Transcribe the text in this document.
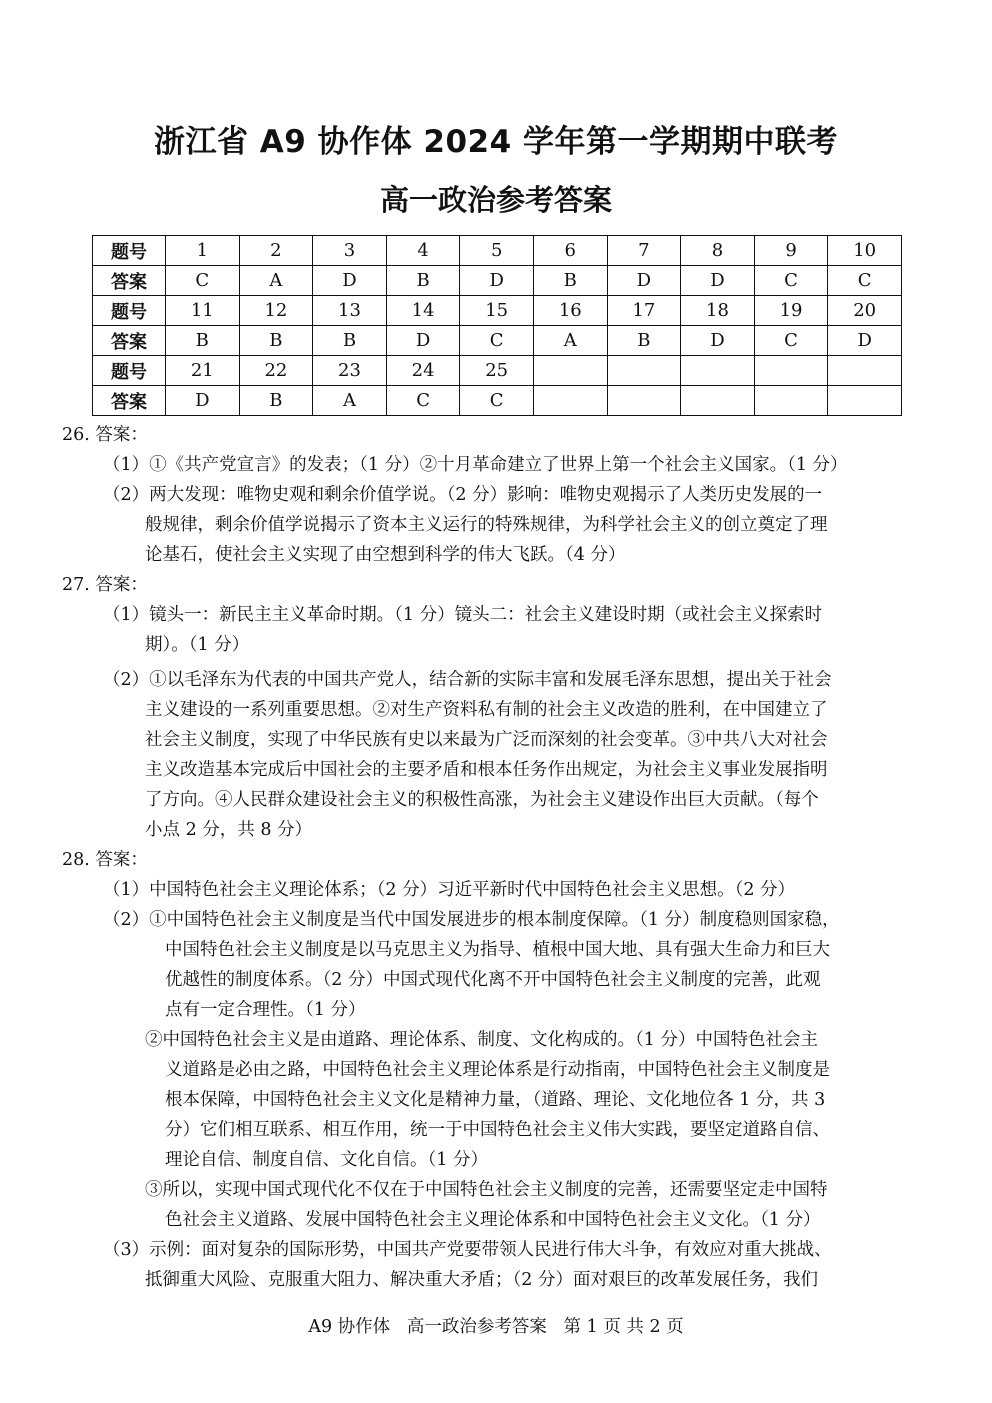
浙江省 A9 协作体 2024 学年第一学期期中联考
高一政治参考答案
题号	1	2	3	4	5	6	7	8	9	10
答案	C	A	D	B	D	B	D	D	C	C
题号	11	12	13	14	15	16	17	18	19	20
答案	B	B	B	D	C	A	B	D	C	D
题号	21	22	23	24	25					
答案	D	B	A	C	C					
26. 答案：
（1）①《共产党宣言》的发表；（1 分）②十月革命建立了世界上第一个社会主义国家。（1 分）
（2）两大发现：唯物史观和剩余价值学说。（2 分）影响：唯物史观揭示了人类历史发展的一
般规律，剩余价值学说揭示了资本主义运行的特殊规律，为科学社会主义的创立奠定了理
论基石，使社会主义实现了由空想到科学的伟大飞跃。（4 分）
27. 答案：
（1）镜头一：新民主主义革命时期。（1 分）镜头二：社会主义建设时期（或社会主义探索时
期）。（1 分）
（2）①以毛泽东为代表的中国共产党人，结合新的实际丰富和发展毛泽东思想，提出关于社会
主义建设的一系列重要思想。②对生产资料私有制的社会主义改造的胜利，在中国建立了
社会主义制度，实现了中华民族有史以来最为广泛而深刻的社会变革。③中共八大对社会
主义改造基本完成后中国社会的主要矛盾和根本任务作出规定，为社会主义事业发展指明
了方向。④人民群众建设社会主义的积极性高涨，为社会主义建设作出巨大贡献。（每个
小点 2 分，共 8 分）
28. 答案：
（1）中国特色社会主义理论体系；（2 分）习近平新时代中国特色社会主义思想。（2 分）
（2）①中国特色社会主义制度是当代中国发展进步的根本制度保障。（1 分）制度稳则国家稳，
中国特色社会主义制度是以马克思主义为指导、植根中国大地、具有强大生命力和巨大
优越性的制度体系。（2 分）中国式现代化离不开中国特色社会主义制度的完善，此观
点有一定合理性。（1 分）
②中国特色社会主义是由道路、理论体系、制度、文化构成的。（1 分）中国特色社会主
义道路是必由之路，中国特色社会主义理论体系是行动指南，中国特色社会主义制度是
根本保障，中国特色社会主义文化是精神力量，（道路、理论、文化地位各 1 分，共 3
分）它们相互联系、相互作用，统一于中国特色社会主义伟大实践，要坚定道路自信、
理论自信、制度自信、文化自信。（1 分）
③所以，实现中国式现代化不仅在于中国特色社会主义制度的完善，还需要坚定走中国特
色社会主义道路、发展中国特色社会主义理论体系和中国特色社会主义文化。（1 分）
（3）示例：面对复杂的国际形势，中国共产党要带领人民进行伟大斗争，有效应对重大挑战、
抵御重大风险、克服重大阻力、解决重大矛盾；（2 分）面对艰巨的改革发展任务，我们
A9 协作体   高一政治参考答案   第 1 页 共 2 页
